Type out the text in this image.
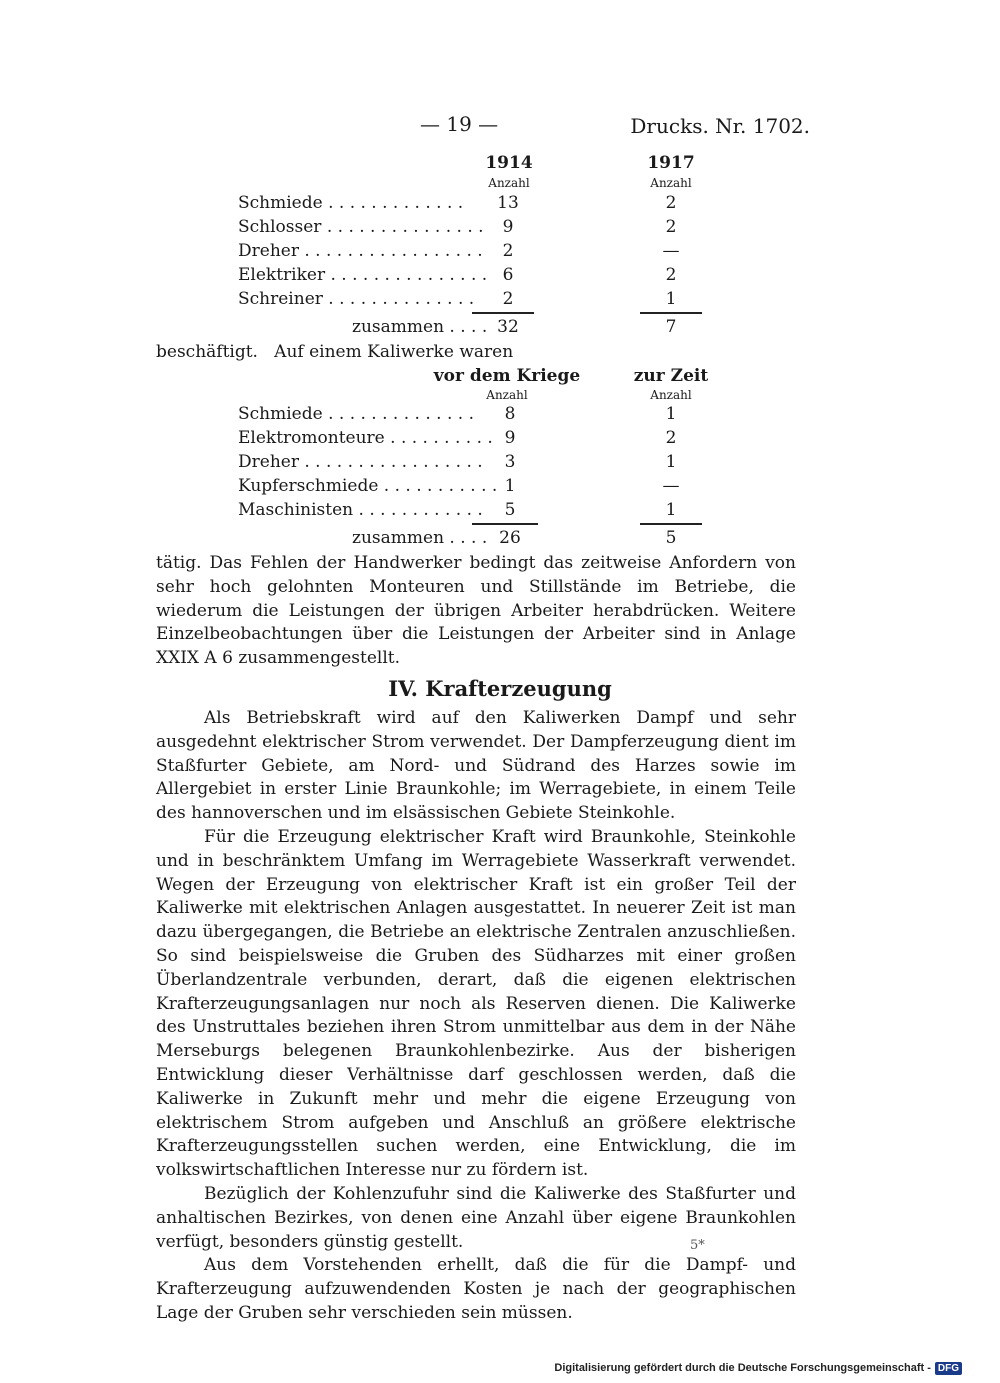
— 19 —	Drucks. Nr. 1702.
1914
Anzahl
1917
Anzahl
Schmiede . . . . . . . . . . . . .	13	2
Schlosser . . . . . . . . . . . . . . .	9	2
Dreher . . . . . . . . . . . . . . . . .	2	—
Elektriker . . . . . . . . . . . . . . . 6	2
Schreiner . . . . . . . . . . . . . .	2	1
zusammen . . . . 32	7
beschäftigt.   Auf einem Kaliwerke waren
vor dem Kriege
Anzahl
zur Zeit
Anzahl
Schmiede . . . . . . . . . . . . . .	8	1
Elektromonteure . . . . . . . . . . 9	2
Dreher . . . . . . . . . . . . . . . . .	3	1
Kupferschmiede . . . . . . . . . . . 1	—
Maschinisten . . . . . . . . . . . .	5	1
zusammen . . . . 26	5

tätig. Das Fehlen der Handwerker bedingt das zeitweise Anfordern von sehr hoch gelohnten Monteuren und Stillstände im Betriebe, die wiederum die Leistungen der übrigen Arbeiter herabdrücken. Weitere Einzelbeobachtungen über die Leistungen der Arbeiter sind in Anlage XXIX A 6 zusammengestellt.

IV. Krafterzeugung

Als Betriebskraft wird auf den Kaliwerken Dampf und sehr ausgedehnt elektrischer Strom verwendet. Der Dampferzeugung dient im Staßfurter Gebiete, am Nord- und Südrand des Harzes sowie im Allergebiet in erster Linie Braunkohle; im Werragebiete, in einem Teile des hannoverschen und im elsässischen Gebiete Steinkohle.

Für die Erzeugung elektrischer Kraft wird Braunkohle, Steinkohle und in beschränktem Umfang im Werragebiete Wasserkraft verwendet. Wegen der Erzeugung von elektrischer Kraft ist ein großer Teil der Kaliwerke mit elektrischen Anlagen ausgestattet. In neuerer Zeit ist man dazu übergegangen, die Betriebe an elektrische Zentralen anzuschließen. So sind beispielsweise die Gruben des Südharzes mit einer großen Überlandzentrale verbunden, derart, daß die eigenen elektrischen Krafterzeugungsanlagen nur noch als Reserven dienen. Die Kaliwerke des Unstruttales beziehen ihren Strom unmittelbar aus dem in der Nähe Merseburgs belegenen Braunkohlenbezirke. Aus der bisherigen Entwicklung dieser Verhältnisse darf geschlossen werden, daß die Kaliwerke in Zukunft mehr und mehr die eigene Erzeugung von elektrischem Strom aufgeben und Anschluß an größere elektrische Krafterzeugungsstellen suchen werden, eine Entwicklung, die im volkswirtschaftlichen Interesse nur zu fördern ist.

Bezüglich der Kohlenzufuhr sind die Kaliwerke des Staßfurter und anhaltischen Bezirkes, von denen eine Anzahl über eigene Braunkohlen verfügt, besonders günstig gestellt.

Aus dem Vorstehenden erhellt, daß die für die Dampf- und Krafterzeugung aufzuwendenden Kosten je nach der geographischen Lage der Gruben sehr verschieden sein müssen.

5*
Digitalisierung gefördert durch die Deutsche Forschungsgemeinschaft - DFG
